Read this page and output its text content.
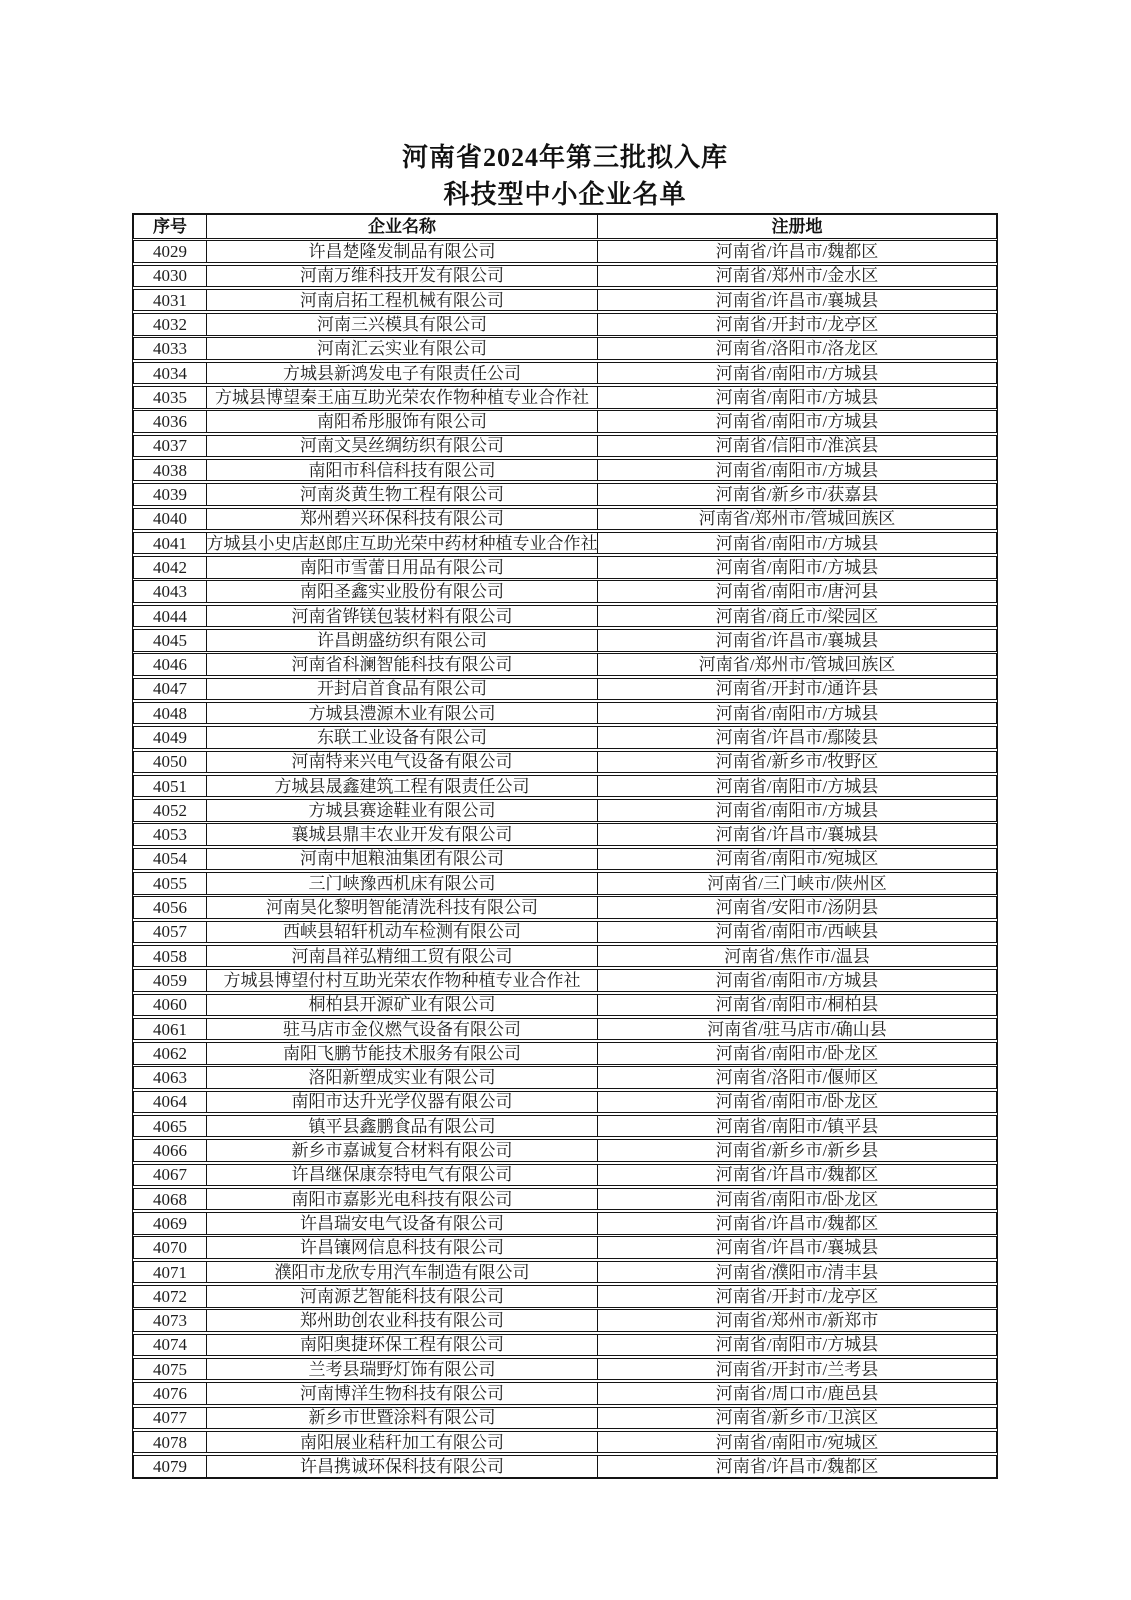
河南省2024年第三批拟入库
科技型中小企业名单
序号	企业名称	注册地
4029	许昌楚隆发制品有限公司	河南省/许昌市/魏都区
4030	河南万维科技开发有限公司	河南省/郑州市/金水区
4031	河南启拓工程机械有限公司	河南省/许昌市/襄城县
4032	河南三兴模具有限公司	河南省/开封市/龙亭区
4033	河南汇云实业有限公司	河南省/洛阳市/洛龙区
4034	方城县新鸿发电子有限责任公司	河南省/南阳市/方城县
4035	方城县博望秦王庙互助光荣农作物种植专业合作社	河南省/南阳市/方城县
4036	南阳希彤服饰有限公司	河南省/南阳市/方城县
4037	河南文昊丝绸纺织有限公司	河南省/信阳市/淮滨县
4038	南阳市科信科技有限公司	河南省/南阳市/方城县
4039	河南炎黄生物工程有限公司	河南省/新乡市/获嘉县
4040	郑州碧兴环保科技有限公司	河南省/郑州市/管城回族区
4041	方城县小史店赵郎庄互助光荣中药材种植专业合作社	河南省/南阳市/方城县
4042	南阳市雪蕾日用品有限公司	河南省/南阳市/方城县
4043	南阳圣鑫实业股份有限公司	河南省/南阳市/唐河县
4044	河南省铧镁包装材料有限公司	河南省/商丘市/梁园区
4045	许昌朗盛纺织有限公司	河南省/许昌市/襄城县
4046	河南省科澜智能科技有限公司	河南省/郑州市/管城回族区
4047	开封启首食品有限公司	河南省/开封市/通许县
4048	方城县澧源木业有限公司	河南省/南阳市/方城县
4049	东联工业设备有限公司	河南省/许昌市/鄢陵县
4050	河南特来兴电气设备有限公司	河南省/新乡市/牧野区
4051	方城县晟鑫建筑工程有限责任公司	河南省/南阳市/方城县
4052	方城县赛途鞋业有限公司	河南省/南阳市/方城县
4053	襄城县鼎丰农业开发有限公司	河南省/许昌市/襄城县
4054	河南中旭粮油集团有限公司	河南省/南阳市/宛城区
4055	三门峡豫西机床有限公司	河南省/三门峡市/陕州区
4056	河南昊化黎明智能清洗科技有限公司	河南省/安阳市/汤阴县
4057	西峡县轺轩机动车检测有限公司	河南省/南阳市/西峡县
4058	河南昌祥弘精细工贸有限公司	河南省/焦作市/温县
4059	方城县博望付村互助光荣农作物种植专业合作社	河南省/南阳市/方城县
4060	桐柏县开源矿业有限公司	河南省/南阳市/桐柏县
4061	驻马店市金仪燃气设备有限公司	河南省/驻马店市/确山县
4062	南阳飞鹏节能技术服务有限公司	河南省/南阳市/卧龙区
4063	洛阳新塑成实业有限公司	河南省/洛阳市/偃师区
4064	南阳市达升光学仪器有限公司	河南省/南阳市/卧龙区
4065	镇平县鑫鹏食品有限公司	河南省/南阳市/镇平县
4066	新乡市嘉诚复合材料有限公司	河南省/新乡市/新乡县
4067	许昌继保康奈特电气有限公司	河南省/许昌市/魏都区
4068	南阳市嘉影光电科技有限公司	河南省/南阳市/卧龙区
4069	许昌瑞安电气设备有限公司	河南省/许昌市/魏都区
4070	许昌镶网信息科技有限公司	河南省/许昌市/襄城县
4071	濮阳市龙欣专用汽车制造有限公司	河南省/濮阳市/清丰县
4072	河南源艺智能科技有限公司	河南省/开封市/龙亭区
4073	郑州助创农业科技有限公司	河南省/郑州市/新郑市
4074	南阳奥捷环保工程有限公司	河南省/南阳市/方城县
4075	兰考县瑞野灯饰有限公司	河南省/开封市/兰考县
4076	河南博洋生物科技有限公司	河南省/周口市/鹿邑县
4077	新乡市世暨涂料有限公司	河南省/新乡市/卫滨区
4078	南阳展业秸秆加工有限公司	河南省/南阳市/宛城区
4079	许昌携诚环保科技有限公司	河南省/许昌市/魏都区
